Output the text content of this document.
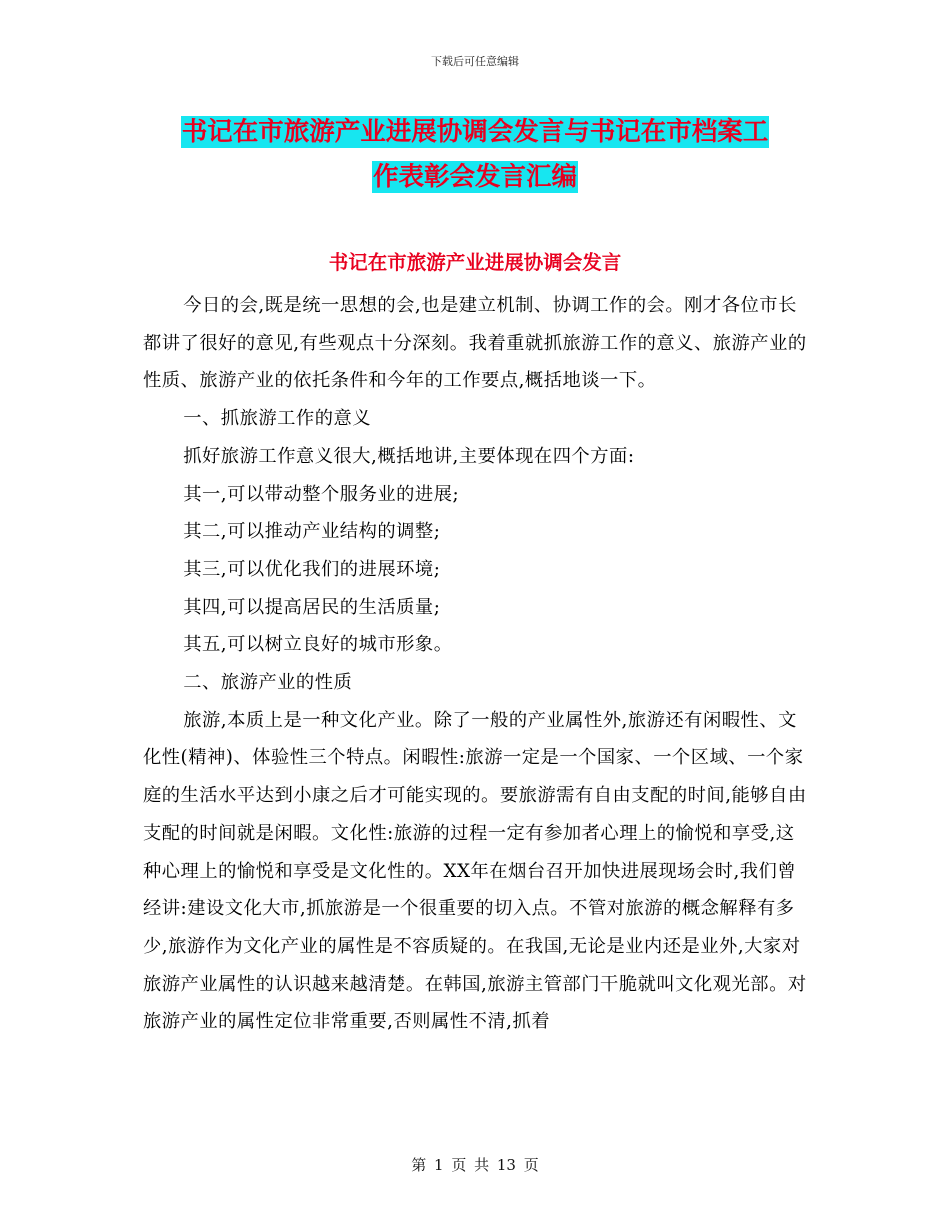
下载后可任意编辑
书记在市旅游产业进展协调会发言与书记在市档案工
作表彰会发言汇编
书记在市旅游产业进展协调会发言

今日的会,既是统一思想的会,也是建立机制、协调工作的会。刚才各位市长都讲了很好的意见,有些观点十分深刻。我着重就抓旅游工作的意义、旅游产业的性质、旅游产业的依托条件和今年的工作要点,概括地谈一下。

一、抓旅游工作的意义

抓好旅游工作意义很大,概括地讲,主要体现在四个方面:

其一,可以带动整个服务业的进展;

其二,可以推动产业结构的调整;

其三,可以优化我们的进展环境;

其四,可以提高居民的生活质量;

其五,可以树立良好的城市形象。

二、旅游产业的性质

旅游,本质上是一种文化产业。除了一般的产业属性外,旅游还有闲暇性、文化性(精神)、体验性三个特点。闲暇性:旅游一定是一个国家、一个区域、一个家庭的生活水平达到小康之后才可能实现的。要旅游需有自由支配的时间,能够自由支配的时间就是闲暇。文化性:旅游的过程一定有参加者心理上的愉悦和享受,这种心理上的愉悦和享受是文化性的。XX年在烟台召开加快进展现场会时,我们曾经讲:建设文化大市,抓旅游是一个很重要的切入点。不管对旅游的概念解释有多少,旅游作为文化产业的属性是不容质疑的。在我国,无论是业内还是业外,大家对旅游产业属性的认识越来越清楚。在韩国,旅游主管部门干脆就叫文化观光部。对旅游产业的属性定位非常重要,否则属性不清,抓着

第 1 页 共 13 页
